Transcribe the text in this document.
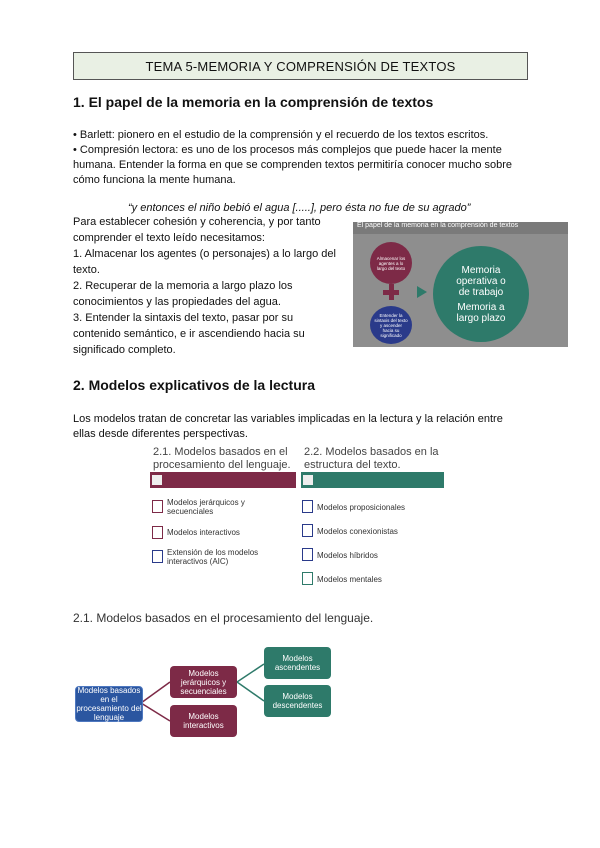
TEMA 5-MEMORIA Y COMPRENSIÓN DE TEXTOS
1. El papel de la memoria en la comprensión de textos
• Barlett: pionero en el estudio de la comprensión y el recuerdo de los textos escritos.
• Compresión lectora: es uno de los procesos más complejos que puede hacer la mente
humana. Entender la forma en que se comprenden textos permitiría conocer mucho sobre
cómo funciona la mente humana.
“y entonces el niño bebió el agua [.....], pero ésta no fue de su agrado”
Para establecer cohesión y coherencia, y por tanto
comprender el texto leído necesitamos:
1. Almacenar los agentes (o personajes) a lo largo del
texto.
2. Recuperar de la memoria a largo plazo los
conocimientos y las propiedades del agua.
3. Entender la sintaxis del texto, pasar por su
contenido semántico, e ir ascendiendo hacia su
significado completo.
El papel de la memoria en la comprensión de textos
Almacenar los agentes a lo largo del texto
Entender la sintaxis del texto y ascender hacia su significado
Memoria
operativa o
de trabajo
Memoria a
largo plazo
2. Modelos explicativos de la lectura
Los modelos tratan de concretar las variables implicadas en la lectura y la relación entre
ellas desde diferentes perspectivas.
2.1. Modelos basados en el
procesamiento del lenguaje.
Modelos jerárquicos y
secuenciales
Modelos interactivos
Extensión de los modelos
interactivos (AIC)
2.2. Modelos basados en la
estructura del texto.
Modelos proposicionales
Modelos conexionistas
Modelos híbridos
Modelos mentales
2.1. Modelos basados en el procesamiento del lenguaje.
Modelos basados en el procesamiento del lenguaje
Modelos jerárquicos y secuenciales
Modelos interactivos
Modelos ascendentes
Modelos descendentes
